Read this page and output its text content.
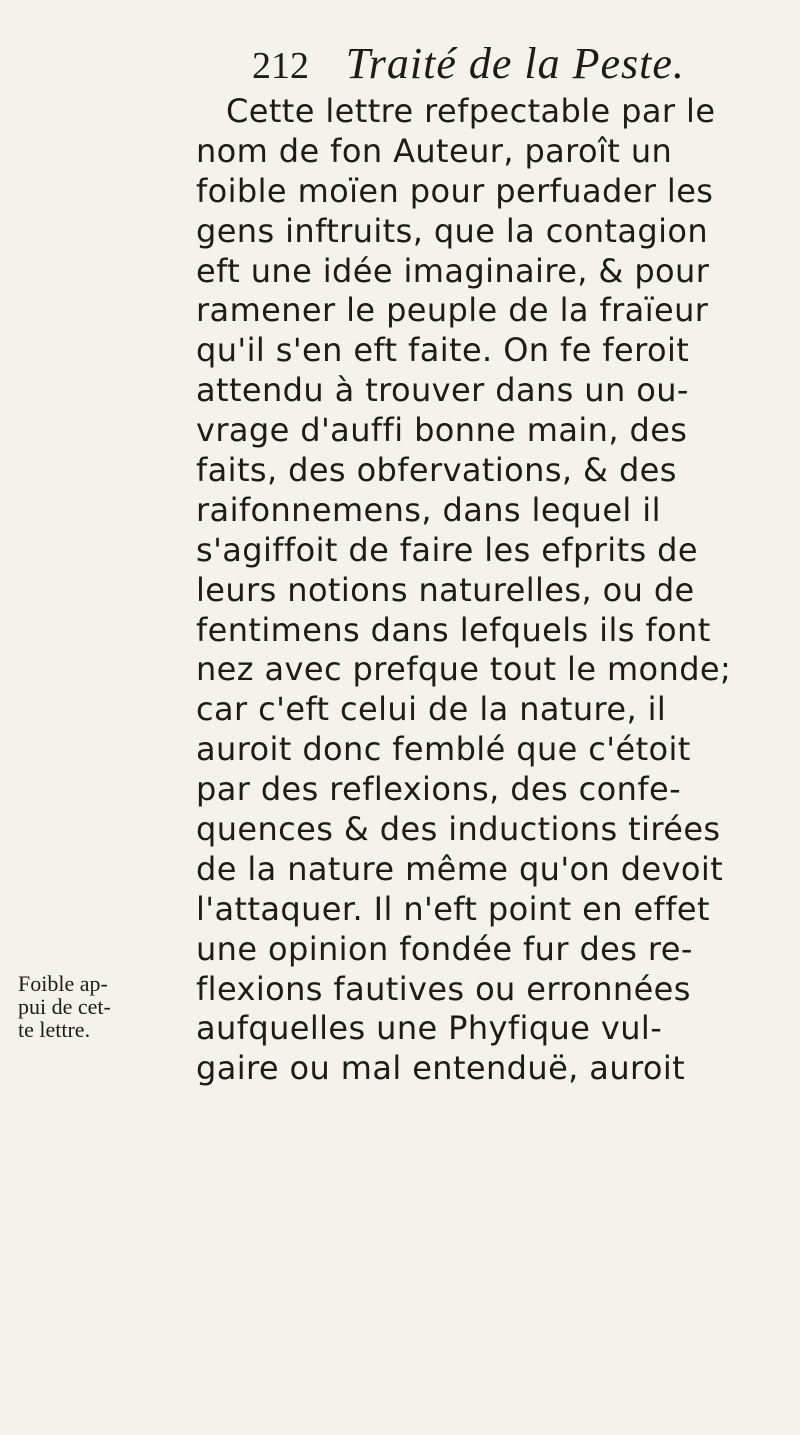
212 Traité de la Peste.
Cette lettre refpectable par le
nom de fon Auteur, paroît un
foible moïen pour perfuader les
gens inftruits, que la contagion
eft une idée imaginaire, & pour
ramener le peuple de la fraïeur
qu'il s'en eft faite. On fe feroit
attendu à trouver dans un ou-
vrage d'auffi bonne main, des
faits, des obfervations, & des
raifonnemens, dans lequel il
s'agiffoit de faire les efprits de
leurs notions naturelles, ou de
fentimens dans lefquels ils font
nez avec prefque tout le monde;
car c'eft celui de la nature, il
auroit donc femblé que c'étoit
par des reflexions, des confe-
quences & des inductions tirées
de la nature même qu'on devoit
l'attaquer. Il n'eft point en effet
une opinion fondée fur des re-
flexions fautives ou erronnées
aufquelles une Phyfique vul-
gaire ou mal entenduë, auroit
Foible ap-
pui de cet-
te lettre.
